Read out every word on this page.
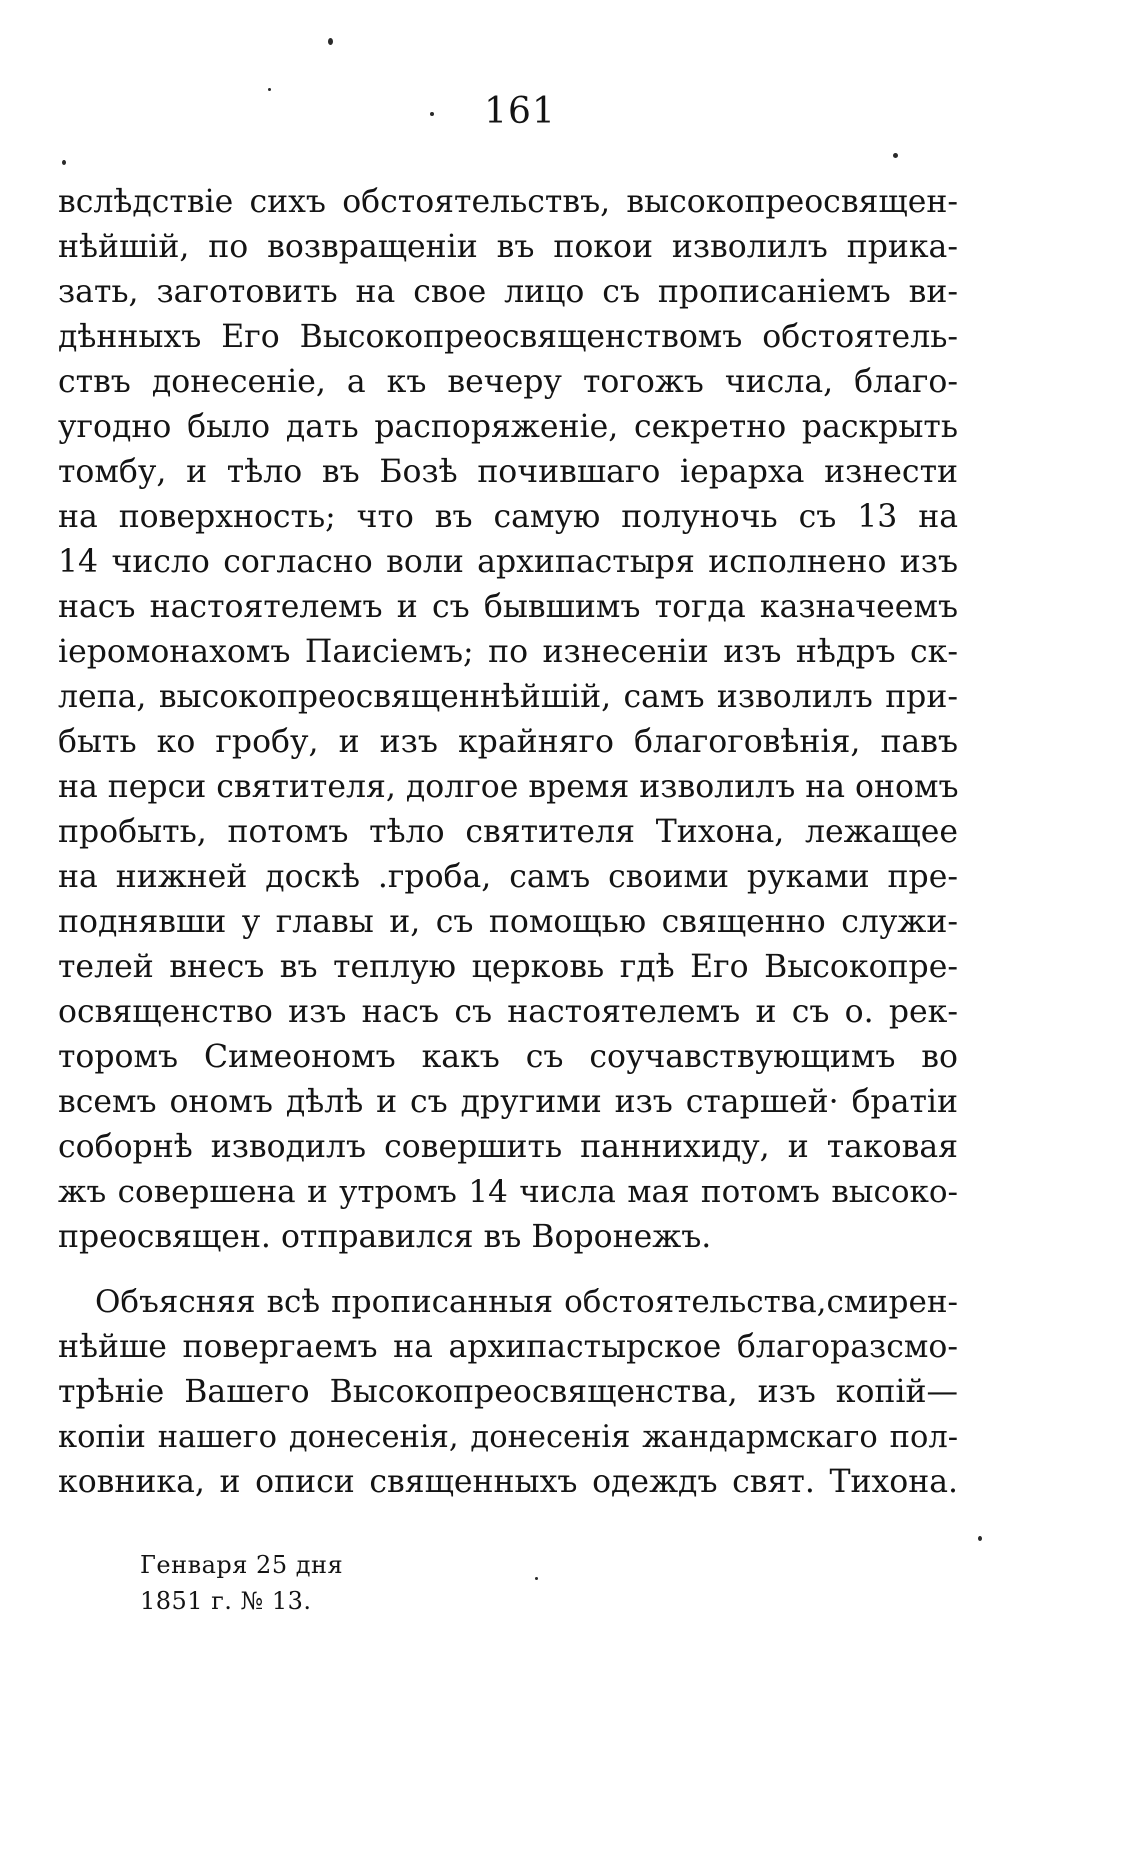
161
вслѣдствіе сихъ обстоятельствъ, высокопреосвящен-
нѣйшій, по возвращеніи въ покои изволилъ прика-
зать, заготовить на свое лицо съ прописаніемъ ви-
дѣнныхъ Его Высокопреосвященствомъ обстоятель-
ствъ донесеніе, а къ вечеру тогожъ числа, благо-
угодно было дать распоряженіе, секретно раскрыть
томбу, и тѣло въ Бозѣ почившаго іерарха изнести
на поверхность; что въ самую полуночь съ 13 на
14 число согласно воли архипастыря исполнено изъ
насъ настоятелемъ и съ бывшимъ тогда казначеемъ
іеромонахомъ Паисіемъ; по изнесеніи изъ нѣдръ ск-
лепа, высокопреосвященнѣйшій, самъ изволилъ при-
быть ко гробу, и изъ крайняго благоговѣнія, павъ
на перси святителя, долгое время изволилъ на ономъ
пробыть, потомъ тѣло святителя Тихона, лежащее
на нижней доскѣ .гроба, самъ своими руками пре-
поднявши у главы и, съ помощью священно служи-
телей внесъ въ теплую церковь гдѣ Его Высокопре-
освященство изъ насъ съ настоятелемъ и съ о. рек-
торомъ Симеономъ какъ съ соучавствующимъ во
всемъ ономъ дѣлѣ и съ другими изъ старшей· братіи
соборнѣ изводилъ совершить паннихиду, и таковая
жъ совершена и утромъ 14 числа мая потомъ высоко-
преосвящен. отправился въ Воронежъ.
Объясняя всѣ прописанныя обстоятельства,смирен-
нѣйше повергаемъ на архипастырское благоразсмо-
трѣніе Вашего Высокопреосвященства, изъ копій—
копіи нашего донесенія, донесенія жандармскаго пол-
ковника, и описи священныхъ одеждъ свят. Тихона.
Генваря 25 дня
1851 г. № 13.
